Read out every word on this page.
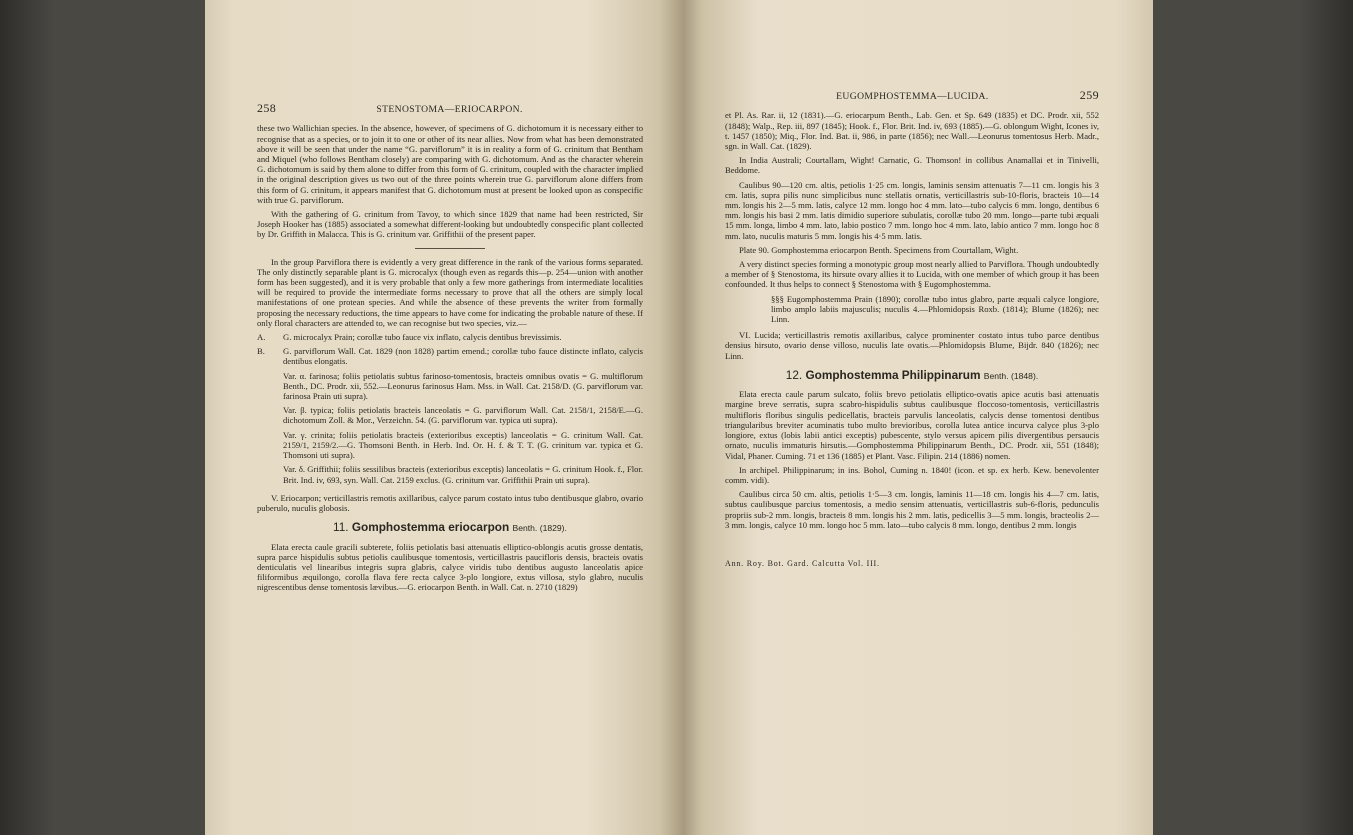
258	STENOSTOMA—ERIOCARPON.

these two Wallichian species. In the absence, however, of specimens of G. dichotomum it is necessary either to recognise that as a species, or to join it to one or other of its near allies. Now from what has been demonstrated above it will be seen that under the name “G. parviflorum” it is in reality a form of G. crinitum that Bentham and Miquel (who follows Bentham closely) are comparing with G. dichotomum. And as the character wherein G. dichotomum is said by them alone to differ from this form of G. crinitum, coupled with the character implied in the original description gives us two out of the three points wherein true G. parviflorum alone differs from this form of G. crinitum, it appears manifest that G. dichotomum must at present be looked upon as conspecific with true G. parviflorum.

With the gathering of G. crinitum from Tavoy, to which since 1829 that name had been restricted, Sir Joseph Hooker has (1885) associated a somewhat different-looking but undoubtedly conspecific plant collected by Dr. Griffith in Malacca. This is G. crinitum var. Griffithii of the present paper.

In the group Parviflora there is evidently a very great difference in the rank of the various forms separated. The only distinctly separable plant is G. microcalyx (though even as regards this—p. 254—union with another form has been suggested), and it is very probable that only a few more gatherings from intermediate localities will be required to provide the intermediate forms necessary to prove that all the others are simply local manifestations of one protean species. And while the absence of these prevents the writer from formally proposing the necessary reductions, the time appears to have come for indicating the probable nature of these. If only floral characters are attended to, we can recognise but two species, viz.—

A.	G. microcalyx Prain; corollæ tubo fauce vix inflato, calycis dentibus brevissimis.
B.	G. parviflorum Wall. Cat. 1829 (non 1828) partim emend.; corollæ tubo fauce distincte inflato, calycis dentibus elongatis.
Var. α. farinosa; foliis petiolatis subtus farinoso-tomentosis, bracteis omnibus ovatis = G. multiflorum Benth., DC. Prodr. xii, 552.—Leonurus farinosus Ham. Mss. in Wall. Cat. 2158/D. (G. parviflorum var. farinosa Prain uti supra).
Var. β. typica; foliis petiolatis bracteis lanceolatis = G. parviflorum Wall. Cat. 2158/1, 2158/E.—G. dichotomum Zoll. & Mor., Verzeichn. 54. (G. parviflorum var. typica uti supra).
Var. γ. crinita; foliis petiolatis bracteis (exterioribus exceptis) lanceolatis = G. crinitum Wall. Cat. 2159/1, 2159/2.—G. Thomsoni Benth. in Herb. Ind. Or. H. f. & T. T. (G. crinitum var. typica et G. Thomsoni uti supra).
Var. δ. Griffithii; foliis sessilibus bracteis (exterioribus exceptis) lanceolatis = G. crinitum Hook. f., Flor. Brit. Ind. iv, 693, syn. Wall. Cat. 2159 exclus. (G. crinitum var. Griffithii Prain uti supra).

V. Eriocarpon; verticillastris remotis axillaribus, calyce parum costato intus tubo dentibusque glabro, ovario puberulo, nuculis globosis.

11. Gomphostemma eriocarpon Benth. (1829).

Elata erecta caule gracili subterete, foliis petiolatis basi attenuatis elliptico-oblongis acutis grosse dentatis, supra parce hispidulis subtus petiolis caulibusque tomentosis, verticillastris paucifloris densis, bracteis ovatis denticulatis vel linearibus integris supra glabris, calyce viridis tubo dentibus augusto lanceolatis apice filiformibus æquilongo, corolla flava fere recta calyce 3-plo longiore, extus villosa, stylo glabro, nuculis nigrescentibus dense tomentosis lævibus.—G. eriocarpon Benth. in Wall. Cat. n. 2710 (1829)

EUGOMPHOSTEMMA—LUCIDA.	259

et Pl. As. Rar. ii, 12 (1831).—G. eriocarpum Benth., Lab. Gen. et Sp. 649 (1835) et DC. Prodr. xii, 552 (1848); Walp., Rep. iii, 897 (1845); Hook. f., Flor. Brit. Ind. iv, 693 (1885).—G. oblongum Wight, Icones iv, t. 1457 (1850); Miq., Flor. Ind. Bat. ii, 986, in parte (1856); nec Wall.—Leonurus tomentosus Herb. Madr., sgn. in Wall. Cat. (1829).

In India Australi; Courtallam, Wight! Carnatic, G. Thomson! in collibus Anamallai et in Tinivelli, Beddome.

Caulibus 90—120 cm. altis, petiolis 1·25 cm. longis, laminis sensim attenuatis 7—11 cm. longis his 3 cm. latis, supra pilis nunc simplicibus nunc stellatis ornatis, verticillastris sub-10-floris, bracteis 10—14 mm. longis his 2—5 mm. latis, calyce 12 mm. longo hoc 4 mm. lato—tubo calycis 6 mm. longo, dentibus 6 mm. longis his basi 2 mm. latis dimidio superiore subulatis, corollæ tubo 20 mm. longo—parte tubi æquali 15 mm. longa, limbo 4 mm. lato, labio postico 7 mm. longo hoc 4 mm. lato, labio antico 7 mm. longo hoc 8 mm. lato, nuculis maturis 5 mm. longis his 4·5 mm. latis.

Plate 90. Gomphostemma eriocarpon Benth. Specimens from Courtallam, Wight.

A very distinct species forming a monotypic group most nearly allied to Parviflora. Though undoubtedly a member of § Stenostoma, its hirsute ovary allies it to Lucida, with one member of which group it has been confounded. It thus helps to connect § Stenostoma with § Eugomphostemma.

§§§ Eugomphostemma Prain (1890); corollæ tubo intus glabro, parte æquali calyce longiore, limbo amplo labiis majusculis; nuculis 4.—Phlomidopsis Roxb. (1814); Blume (1826); nec Linn.

VI. Lucida; verticillastris remotis axillaribus, calyce prominenter costato intus tubo parce dentibus densius hirsuto, ovario dense villoso, nuculis late ovatis.—Phlomidopsis Blume, Bijdr. 840 (1826); nec Linn.

12. Gomphostemma Philippinarum Benth. (1848).

Elata erecta caule parum sulcato, foliis brevo petiolatis elliptico-ovatis apice acutis basi attenuatis margine breve serratis, supra scabro-hispidulis subtus caulibusque floccoso-tomentosis, verticillastris multifloris floribus singulis pedicellatis, bracteis parvulis lanceolatis, calycis dense tomentosi dentibus triangularibus breviter acuminatis tubo multo brevioribus, corolla lutea antice incurva calyce plus 3-plo longiore, extus (lobis labii antici exceptis) pubescente, stylo versus apicem pilis divergentibus persaucis ornato, nuculis immaturis hirsutis.—Gomphostemma Philippinarum Benth., DC. Prodr. xii, 551 (1848); Vidal, Phaner. Cuming. 71 et 136 (1885) et Plant. Vasc. Filipin. 214 (1886) nomen.

In archipel. Philippinarum; in ins. Bohol, Cuming n. 1840! (icon. et sp. ex herb. Kew. benevolenter comm. vidi).

Caulibus circa 50 cm. altis, petiolis 1·5—3 cm. longis, laminis 11—18 cm. longis his 4—7 cm. latis, subtus caulibusque parcius tomentosis, a medio sensim attenuatis, verticillastris sub-6-floris, pedunculis propriis sub-2 mm. longis, bracteis 8 mm. longis his 2 mm. latis, pedicellis 3—5 mm. longis, bracteolis 2—3 mm. longis, calyce 10 mm. longo hoc 5 mm. lato—tubo calycis 8 mm. longo, dentibus 2 mm. longis

Ann. Roy. Bot. Gard. Calcutta Vol. III.
